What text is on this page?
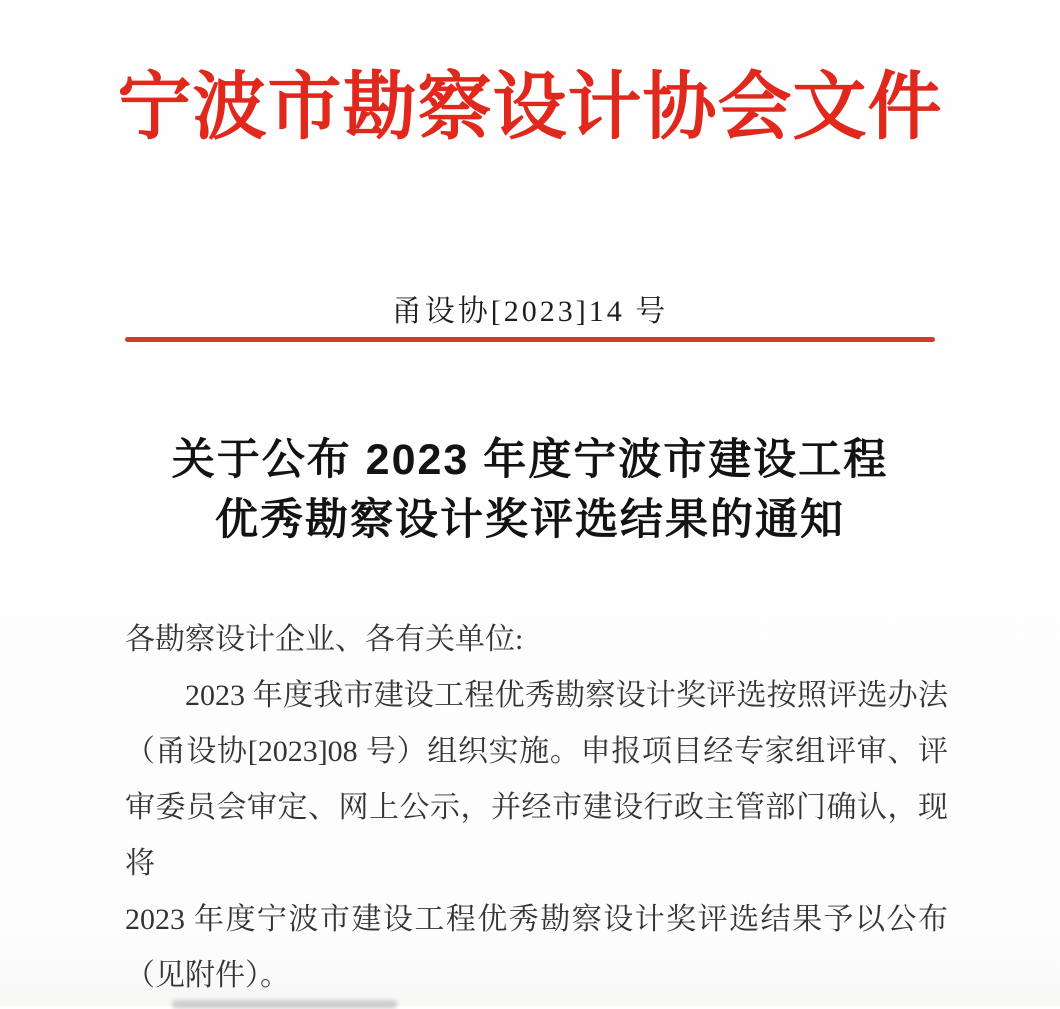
宁波市勘察设计协会文件
甬设协[2023]14 号
关于公布 2023 年度宁波市建设工程
优秀勘察设计奖评选结果的通知
各勘察设计企业、各有关单位:
2023 年度我市建设工程优秀勘察设计奖评选按照评选办法
（甬设协[2023]08 号）组织实施。申报项目经专家组评审、评
审委员会审定、网上公示，并经市建设行政主管部门确认，现将
2023 年度宁波市建设工程优秀勘察设计奖评选结果予以公布
（见附件）。
